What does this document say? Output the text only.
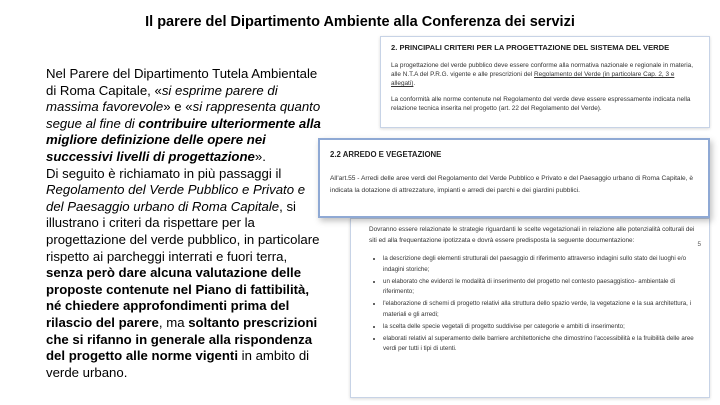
Il parere del Dipartimento Ambiente alla Conferenza dei servizi

Nel Parere del Dipartimento Tutela Ambientale di Roma Capitale, «si esprime parere di massima favorevole» e «si rappresenta quanto segue al fine di contribuire ulteriormente alla migliore definizione delle opere nei successivi livelli di progettazione».

Di seguito è richiamato in più passaggi il Regolamento del Verde Pubblico e Privato e del Paesaggio urbano di Roma Capitale, si illustrano i criteri da rispettare per la progettazione del verde pubblico, in particolare rispetto ai parcheggi interrati e fuori terra, senza però dare alcuna valutazione delle proposte contenute nel Piano di fattibilità, né chiedere approfondimenti prima del rilascio del parere, ma soltanto prescrizioni che si rifanno in generale alla rispondenza del progetto alle norme vigenti in ambito di verde urbano.

2. PRINCIPALI CRITERI PER LA PROGETTAZIONE DEL SISTEMA DEL VERDE
La progettazione del verde pubblico deve essere conforme alla normativa nazionale e regionale in materia, alle N.T.A del P.R.G. vigente e alle prescrizioni del Regolamento del Verde (in particolare Cap. 2, 3 e allegati).
La conformità alle norme contenute nel Regolamento del verde deve essere espressamente indicata nella relazione tecnica inserita nel progetto (art. 22 del Regolamento del Verde).
2.2 ARREDO E VEGETAZIONE
All'art.55 - Arredi delle aree verdi del Regolamento del Verde Pubblico e Privato e del Paesaggio urbano di Roma Capitale, è indicata la dotazione di attrezzature, impianti e arredi dei parchi e dei giardini pubblici.
5
Dovranno essere relazionate le strategie riguardanti le scelte vegetazionali in relazione alle potenzialità colturali dei siti ed alla frequentazione ipotizzata e dovrà essere predisposta la seguente documentazione:
• la descrizione degli elementi strutturali del paesaggio di riferimento attraverso indagini sullo stato dei luoghi e/o indagini storiche;
• un elaborato che evidenzi le modalità di inserimento del progetto nel contesto paesaggistico- ambientale di riferimento;
• l'elaborazione di schemi di progetto relativi alla struttura dello spazio verde, la vegetazione e la sua architettura, i materiali e gli arredi;
• la scelta delle specie vegetali di progetto suddivise per categorie e ambiti di inserimento;
• elaborati relativi al superamento delle barriere architettoniche che dimostrino l'accessibilità e la fruibilità delle aree verdi per tutti i tipi di utenti.
